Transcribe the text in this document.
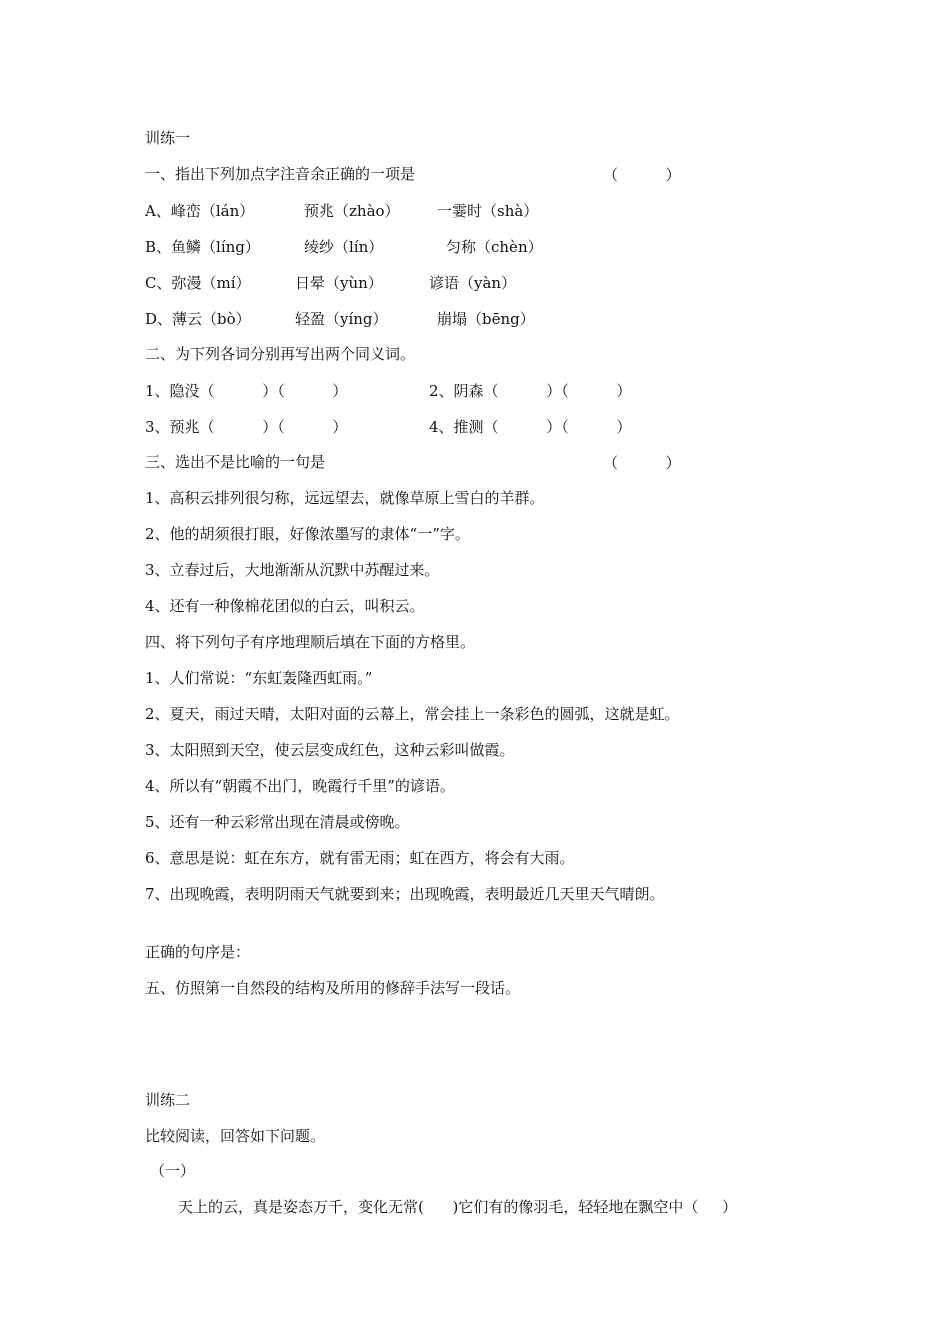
训练一
一、指出下列加点字注音余正确的一项是	（          ）
A、峰峦（lán）	预兆（zhào） 一霎时（shà）
B、鱼鳞（líng）	绫纱（lín）	匀称（chèn）
C、弥漫（mí）	日晕（yùn）	谚语（yàn）
D、薄云（bò）	轻盈（yíng）	崩塌（bēng）
二、为下列各词分别再写出两个同义词。
1、隐没（          ）（          ）	2、阴森（          ）（          ）
3、预兆（          ）（          ）	4、推测（          ）（          ）
三、选出不是比喻的一句是	（          ）
1、高积云排列很匀称，远远望去，就像草原上雪白的羊群。
2、他的胡须很打眼，好像浓墨写的隶体“一”字。
3、立春过后，大地渐渐从沉默中苏醒过来。
4、还有一种像棉花团似的白云，叫积云。
四、将下列句子有序地理顺后填在下面的方格里。
1、人们常说：“东虹轰隆西虹雨。”
2、夏天，雨过天晴，太阳对面的云幕上，常会挂上一条彩色的圆弧，这就是虹。
3、太阳照到天空，使云层变成红色，这种云彩叫做霞。
4、所以有“朝霞不出门，晚霞行千里”的谚语。
5、还有一种云彩常出现在清晨或傍晚。
6、意思是说：虹在东方，就有雷无雨；虹在西方，将会有大雨。
7、出现晚霞，表明阴雨天气就要到来；出现晚霞，表明最近几天里天气晴朗。
正确的句序是：
五、仿照第一自然段的结构及所用的修辞手法写一段话。
训练二
比较阅读，回答如下问题。
（一）
天上的云，真是姿态万千，变化无常(      )它们有的像羽毛，轻轻地在飘空中（     ）
